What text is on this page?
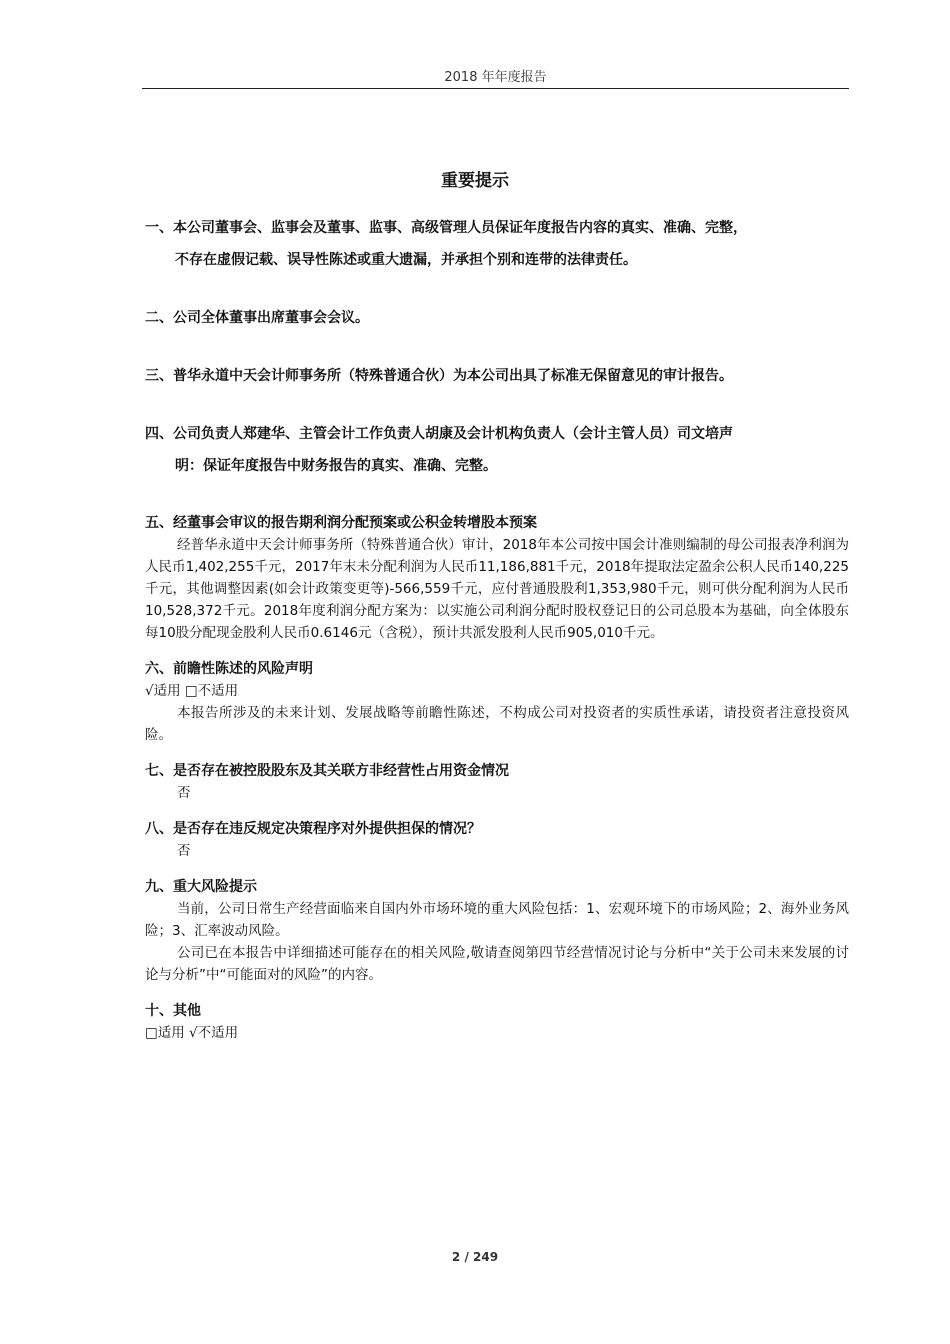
2018 年年度报告
重要提示
一、本公司董事会、监事会及董事、监事、高级管理人员保证年度报告内容的真实、准确、完整，
不存在虚假记载、误导性陈述或重大遗漏，并承担个别和连带的法律责任。
二、公司全体董事出席董事会会议。
三、普华永道中天会计师事务所（特殊普通合伙）为本公司出具了标准无保留意见的审计报告。
四、公司负责人郑建华、主管会计工作负责人胡康及会计机构负责人（会计主管人员）司文培声
明：保证年度报告中财务报告的真实、准确、完整。
五、经董事会审议的报告期利润分配预案或公积金转增股本预案
经普华永道中天会计师事务所（特殊普通合伙）审计，2018年本公司按中国会计准则编制的母公司报表净利润为人民币1,402,255千元，2017年末未分配利润为人民币11,186,881千元，2018年提取法定盈余公积人民币140,225千元，其他调整因素(如会计政策变更等)-566,559千元，应付普通股股利1,353,980千元，则可供分配利润为人民币10,528,372千元。2018年度利润分配方案为：以实施公司利润分配时股权登记日的公司总股本为基础，向全体股东每10股分配现金股利人民币0.6146元（含税），预计共派发股利人民币905,010千元。
六、前瞻性陈述的风险声明
√适用 □不适用
本报告所涉及的未来计划、发展战略等前瞻性陈述，不构成公司对投资者的实质性承诺，请投资者注意投资风险。
七、是否存在被控股股东及其关联方非经营性占用资金情况
否
八、是否存在违反规定决策程序对外提供担保的情况？
否
九、重大风险提示
当前，公司日常生产经营面临来自国内外市场环境的重大风险包括：1、宏观环境下的市场风险；2、海外业务风险；3、汇率波动风险。
公司已在本报告中详细描述可能存在的相关风险,敬请查阅第四节经营情况讨论与分析中“关于公司未来发展的讨论与分析”中“可能面对的风险”的内容。
十、其他
□适用 √不适用
2 / 249
